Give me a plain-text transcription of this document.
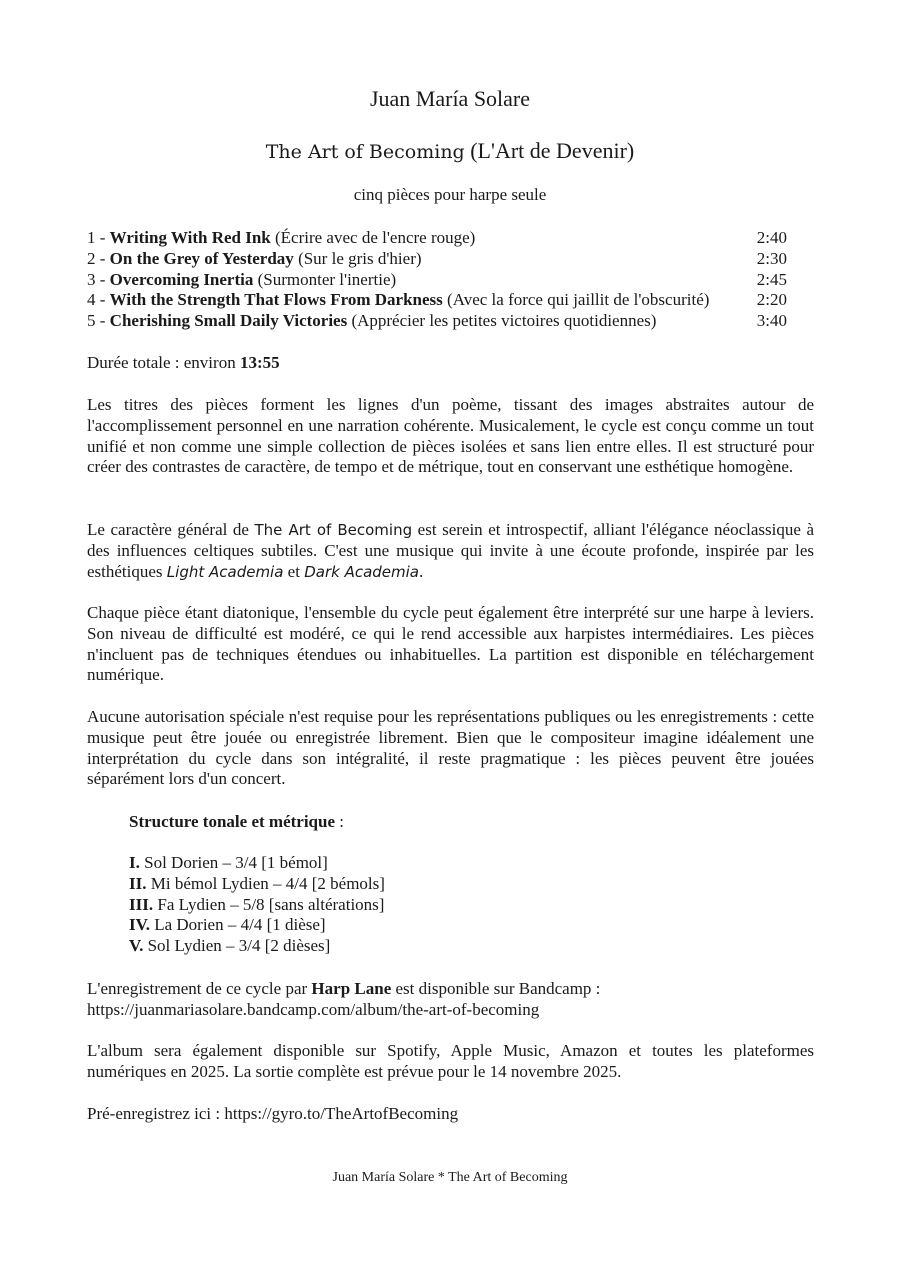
Juan María Solare
The Art of Becoming (L'Art de Devenir)
cinq pièces pour harpe seule
1 - Writing With Red Ink (Écrire avec de l'encre rouge)	2:40
2 - On the Grey of Yesterday (Sur le gris d'hier)	2:30
3 - Overcoming Inertia (Surmonter l'inertie)	2:45
4 - With the Strength That Flows From Darkness (Avec la force qui jaillit de l'obscurité)	2:20
5 - Cherishing Small Daily Victories (Apprécier les petites victoires quotidiennes)	3:40
Durée totale : environ 13:55
Les titres des pièces forment les lignes d'un poème, tissant des images abstraites autour de l'accomplissement personnel en une narration cohérente. Musicalement, le cycle est conçu comme un tout unifié et non comme une simple collection de pièces isolées et sans lien entre elles. Il est structuré pour créer des contrastes de caractère, de tempo et de métrique, tout en conservant une esthétique homogène.
Le caractère général de The Art of Becoming est serein et introspectif, alliant l'élégance néoclassique à des influences celtiques subtiles. C'est une musique qui invite à une écoute profonde, inspirée par les esthétiques Light Academia et Dark Academia.
Chaque pièce étant diatonique, l'ensemble du cycle peut également être interprété sur une harpe à leviers. Son niveau de difficulté est modéré, ce qui le rend accessible aux harpistes intermédiaires. Les pièces n'incluent pas de techniques étendues ou inhabituelles. La partition est disponible en téléchargement numérique.
Aucune autorisation spéciale n'est requise pour les représentations publiques ou les enregistrements : cette musique peut être jouée ou enregistrée librement. Bien que le compositeur imagine idéalement une interprétation du cycle dans son intégralité, il reste pragmatique : les pièces peuvent être jouées séparément lors d'un concert.
Structure tonale et métrique :
I. Sol Dorien – 3/4 [1 bémol]
II. Mi bémol Lydien – 4/4 [2 bémols]
III. Fa Lydien – 5/8 [sans altérations]
IV. La Dorien – 4/4 [1 dièse]
V. Sol Lydien – 3/4 [2 dièses]
L'enregistrement de ce cycle par Harp Lane est disponible sur Bandcamp :
https://juanmariasolare.bandcamp.com/album/the-art-of-becoming
L'album sera également disponible sur Spotify, Apple Music, Amazon et toutes les plateformes numériques en 2025. La sortie complète est prévue pour le 14 novembre 2025.
Pré-enregistrez ici : https://gyro.to/TheArtofBecoming
Juan María Solare * The Art of Becoming
